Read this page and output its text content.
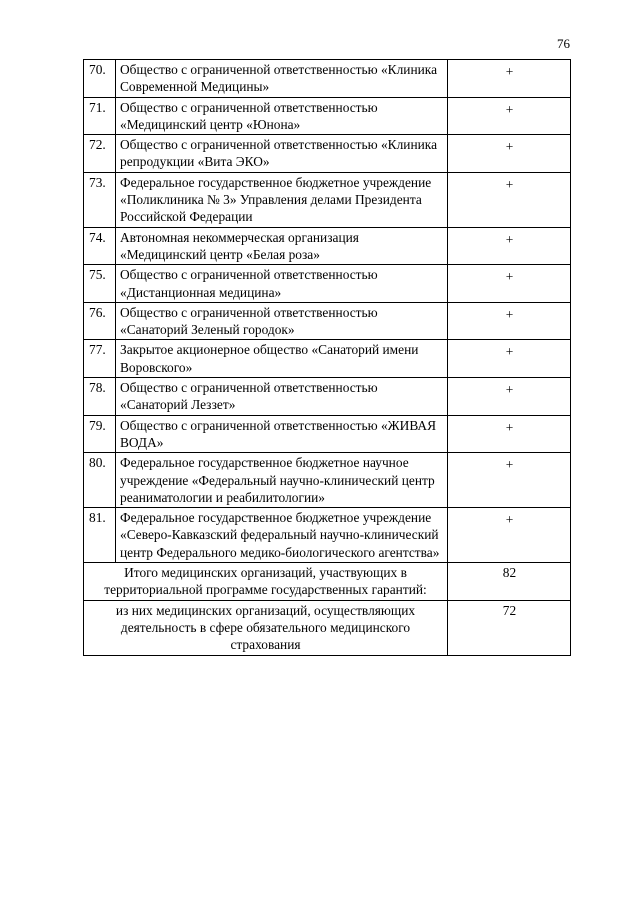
76
70.	Общество с ограниченной ответственностью «Клиника Современной Медицины»	+
71.	Общество с ограниченной ответственностью «Медицинский центр «Юнона»	+
72.	Общество с ограниченной ответственностью «Клиника репродукции «Вита ЭКО»	+
73.	Федеральное государственное бюджетное учреждение «Поликлиника № 3» Управления делами Президента Российской Федерации	+
74.	Автономная некоммерческая организация «Медицинский центр «Белая роза»	+
75.	Общество с ограниченной ответственностью «Дистанционная медицина»	+
76.	Общество с ограниченной ответственностью «Санаторий Зеленый городок»	+
77.	Закрытое акционерное общество «Санаторий имени Воровского»	+
78.	Общество с ограниченной ответственностью «Санаторий Леззет»	+
79.	Общество с ограниченной ответственностью «ЖИВАЯ ВОДА»	+
80.	Федеральное государственное бюджетное научное учреждение «Федеральный научно-клинический центр реаниматологии и реабилитологии»	+
81.	Федеральное государственное бюджетное учреждение «Северо-Кавказский федеральный научно-клинический центр Федерального медико-биологического агентства»	+
Итого медицинских организаций, участвующих в территориальной программе государственных гарантий:		82
из них медицинских организаций, осуществляющих деятельность в сфере обязательного медицинского страхования		72
